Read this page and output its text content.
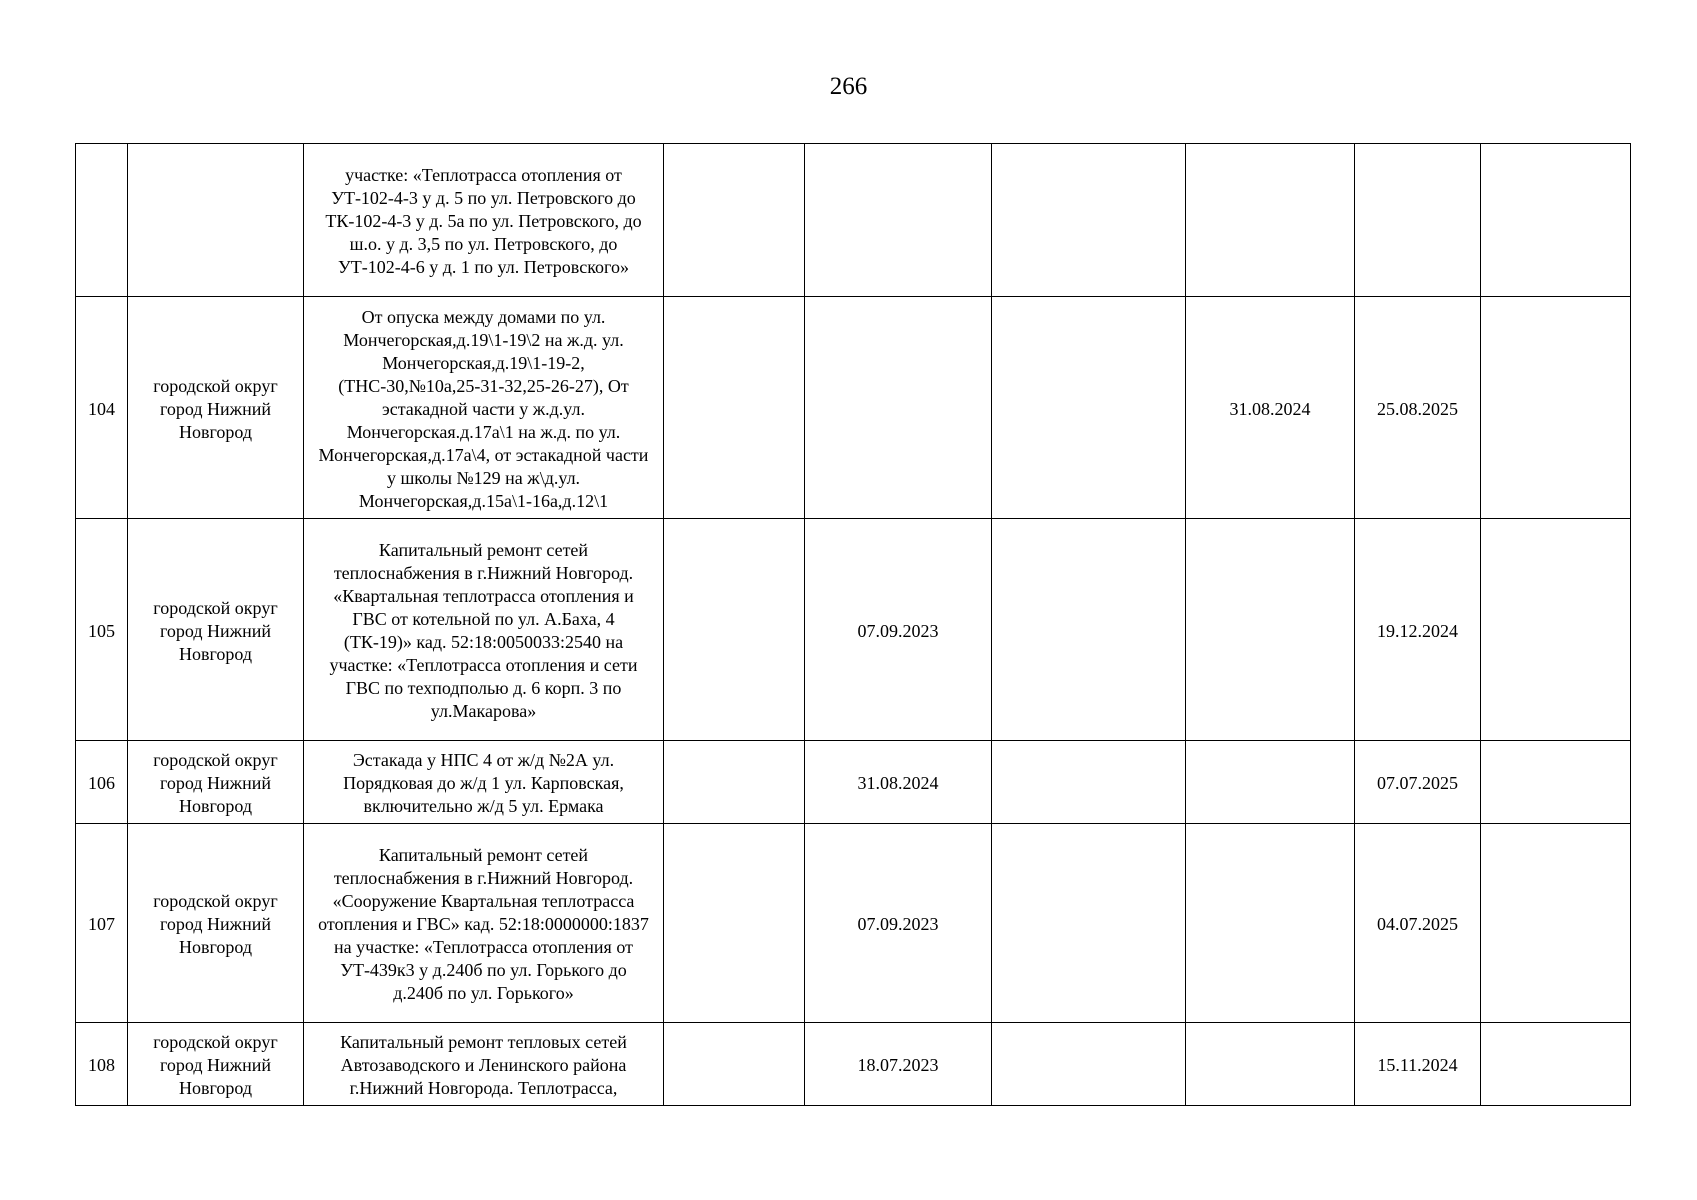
266
		участке: «Теплотрасса отопления от УТ-102-4-3 у д. 5 по ул. Петровского до ТК-102-4-3 у д. 5а по ул. Петровского, до ш.о. у д. 3,5 по ул. Петровского, до УТ-102-4-6 у д. 1 по ул. Петровского»						
104	городской округ город Нижний Новгород	От опуска между домами по ул. Мончегорская,д.19\1-19\2 на ж.д. ул. Мончегорская,д.19\1-19-2, (ТНС-30,№10а,25-31-32,25-26-27), От эстакадной части у ж.д.ул. Мончегорская.д.17а\1 на ж.д. по ул. Мончегорская,д.17а\4, от эстакадной части у школы №129 на ж\д.ул. Мончегорская,д.15а\1-16а,д.12\1				31.08.2024	25.08.2025	
105	городской округ город Нижний Новгород	Капитальный ремонт сетей теплоснабжения в г.Нижний Новгород. «Квартальная теплотрасса отопления и ГВС от котельной по ул. А.Баха, 4 (ТК-19)» кад. 52:18:0050033:2540 на участке: «Теплотрасса отопления и сети ГВС по техподполью д. 6 корп. 3 по ул.Макарова»		07.09.2023			19.12.2024	
106	городской округ город Нижний Новгород	Эстакада у НПС 4 от ж/д №2А ул. Порядковая до ж/д 1 ул. Карповская, включительно ж/д 5 ул. Ермака		31.08.2024			07.07.2025	
107	городской округ город Нижний Новгород	Капитальный ремонт сетей теплоснабжения в г.Нижний Новгород. «Сооружение Квартальная теплотрасса отопления и ГВС» кад. 52:18:0000000:1837 на участке: «Теплотрасса отопления от УТ-439к3 у д.240б по ул. Горького до д.240б по ул. Горького»		07.09.2023			04.07.2025	
108	городской округ город Нижний Новгород	Капитальный ремонт тепловых сетей Автозаводского и Ленинского района г.Нижний Новгорода. Теплотрасса,		18.07.2023			15.11.2024	
